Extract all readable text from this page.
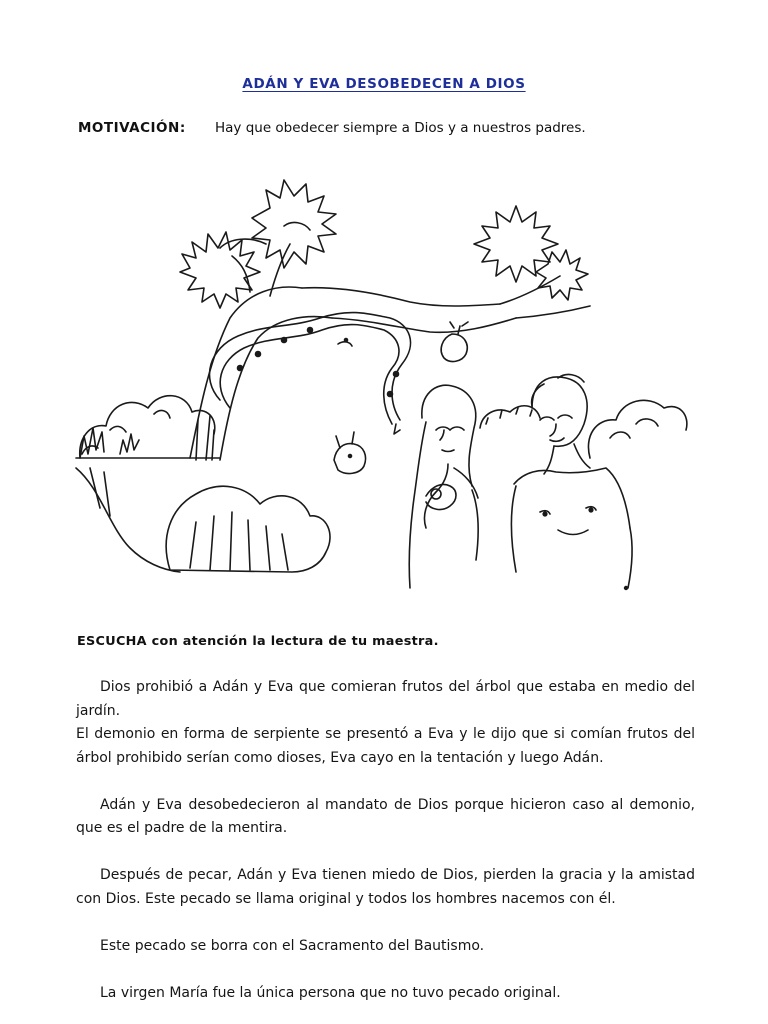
ADÁN Y EVA DESOBEDECEN A DIOS
MOTIVACIÓN: Hay que obedecer siempre a Dios y a nuestros padres.
ESCUCHA con atención la lectura de tu maestra.

Dios prohibió a Adán y Eva que comieran frutos del árbol que estaba en medio del jardín.

El demonio en forma de serpiente se presentó a Eva y le dijo que si comían frutos del árbol prohibido serían como dioses, Eva cayo en la tentación y luego Adán.

Adán y Eva desobedecieron al mandato de Dios porque hicieron caso al demonio, que es el padre de la mentira.

Después de pecar, Adán y Eva tienen miedo de Dios, pierden la gracia y la amistad con Dios. Este pecado se llama original y todos los hombres nacemos con él.

Este pecado se borra con el Sacramento del Bautismo.

La virgen María fue la única persona que no tuvo pecado original.
